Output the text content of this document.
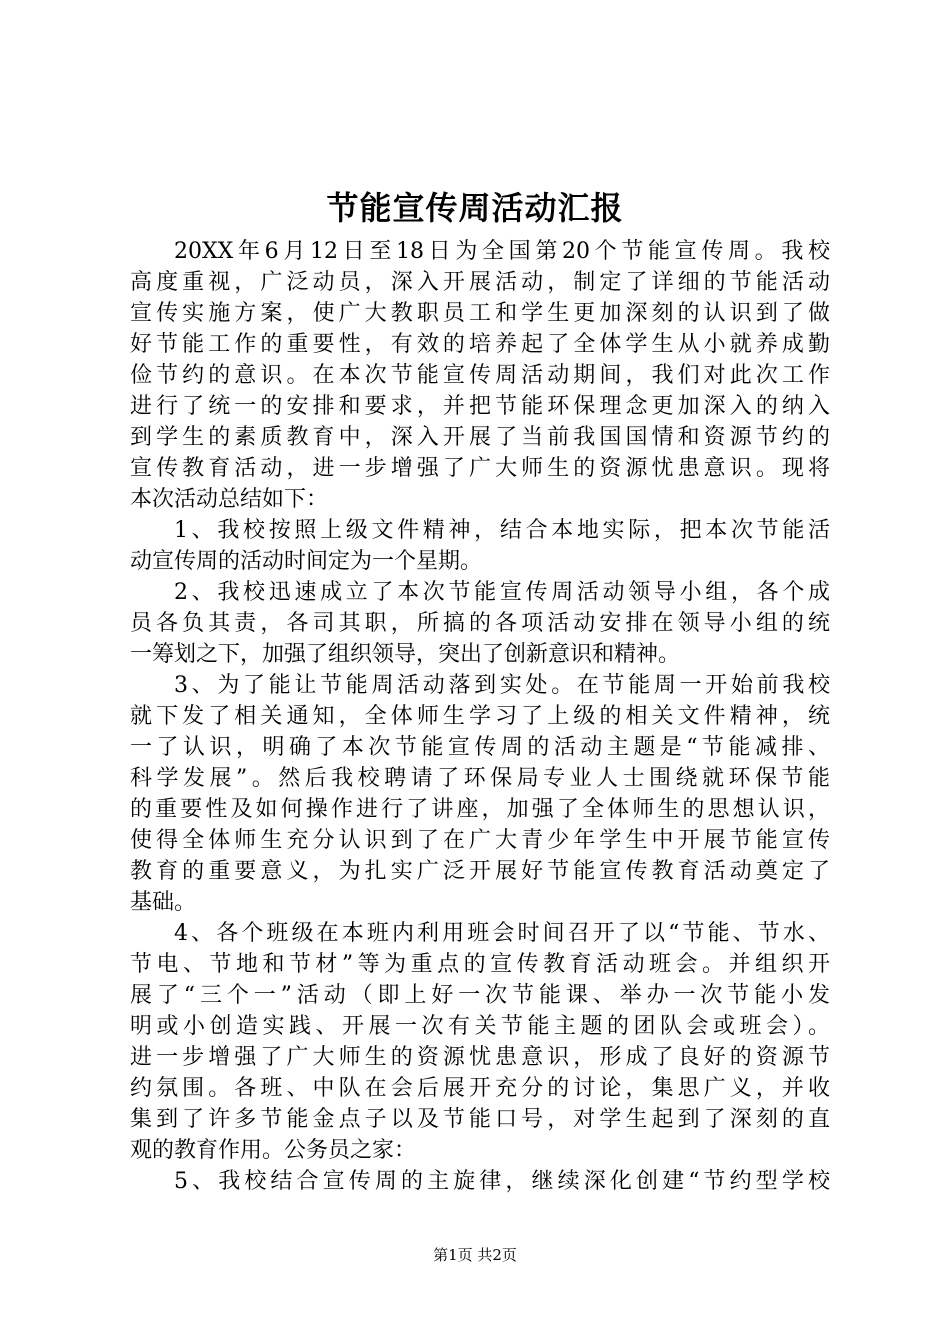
节能宣传周活动汇报
20XX年6月12日至18日为全国第20个节能宣传周。我校
高度重视，广泛动员，深入开展活动，制定了详细的节能活动
宣传实施方案，使广大教职员工和学生更加深刻的认识到了做
好节能工作的重要性，有效的培养起了全体学生从小就养成勤
俭节约的意识。在本次节能宣传周活动期间，我们对此次工作
进行了统一的安排和要求，并把节能环保理念更加深入的纳入
到学生的素质教育中，深入开展了当前我国国情和资源节约的
宣传教育活动，进一步增强了广大师生的资源忧患意识。现将
本次活动总结如下：
1、我校按照上级文件精神，结合本地实际，把本次节能活
动宣传周的活动时间定为一个星期。
2、我校迅速成立了本次节能宣传周活动领导小组，各个成
员各负其责，各司其职，所搞的各项活动安排在领导小组的统
一筹划之下，加强了组织领导，突出了创新意识和精神。
3、为了能让节能周活动落到实处。在节能周一开始前我校
就下发了相关通知，全体师生学习了上级的相关文件精神，统
一了认识，明确了本次节能宣传周的活动主题是“节能减排、
科学发展”。然后我校聘请了环保局专业人士围绕就环保节能
的重要性及如何操作进行了讲座，加强了全体师生的思想认识，
使得全体师生充分认识到了在广大青少年学生中开展节能宣传
教育的重要意义，为扎实广泛开展好节能宣传教育活动奠定了
基础。
4、各个班级在本班内利用班会时间召开了以“节能、节水、
节电、节地和节材”等为重点的宣传教育活动班会。并组织开
展了“三个一”活动（即上好一次节能课、举办一次节能小发
明或小创造实践、开展一次有关节能主题的团队会或班会）。
进一步增强了广大师生的资源忧患意识，形成了良好的资源节
约氛围。各班、中队在会后展开充分的讨论，集思广义，并收
集到了许多节能金点子以及节能口号，对学生起到了深刻的直
观的教育作用。公务员之家：
5、我校结合宣传周的主旋律，继续深化创建“节约型学校
第1页 共2页
